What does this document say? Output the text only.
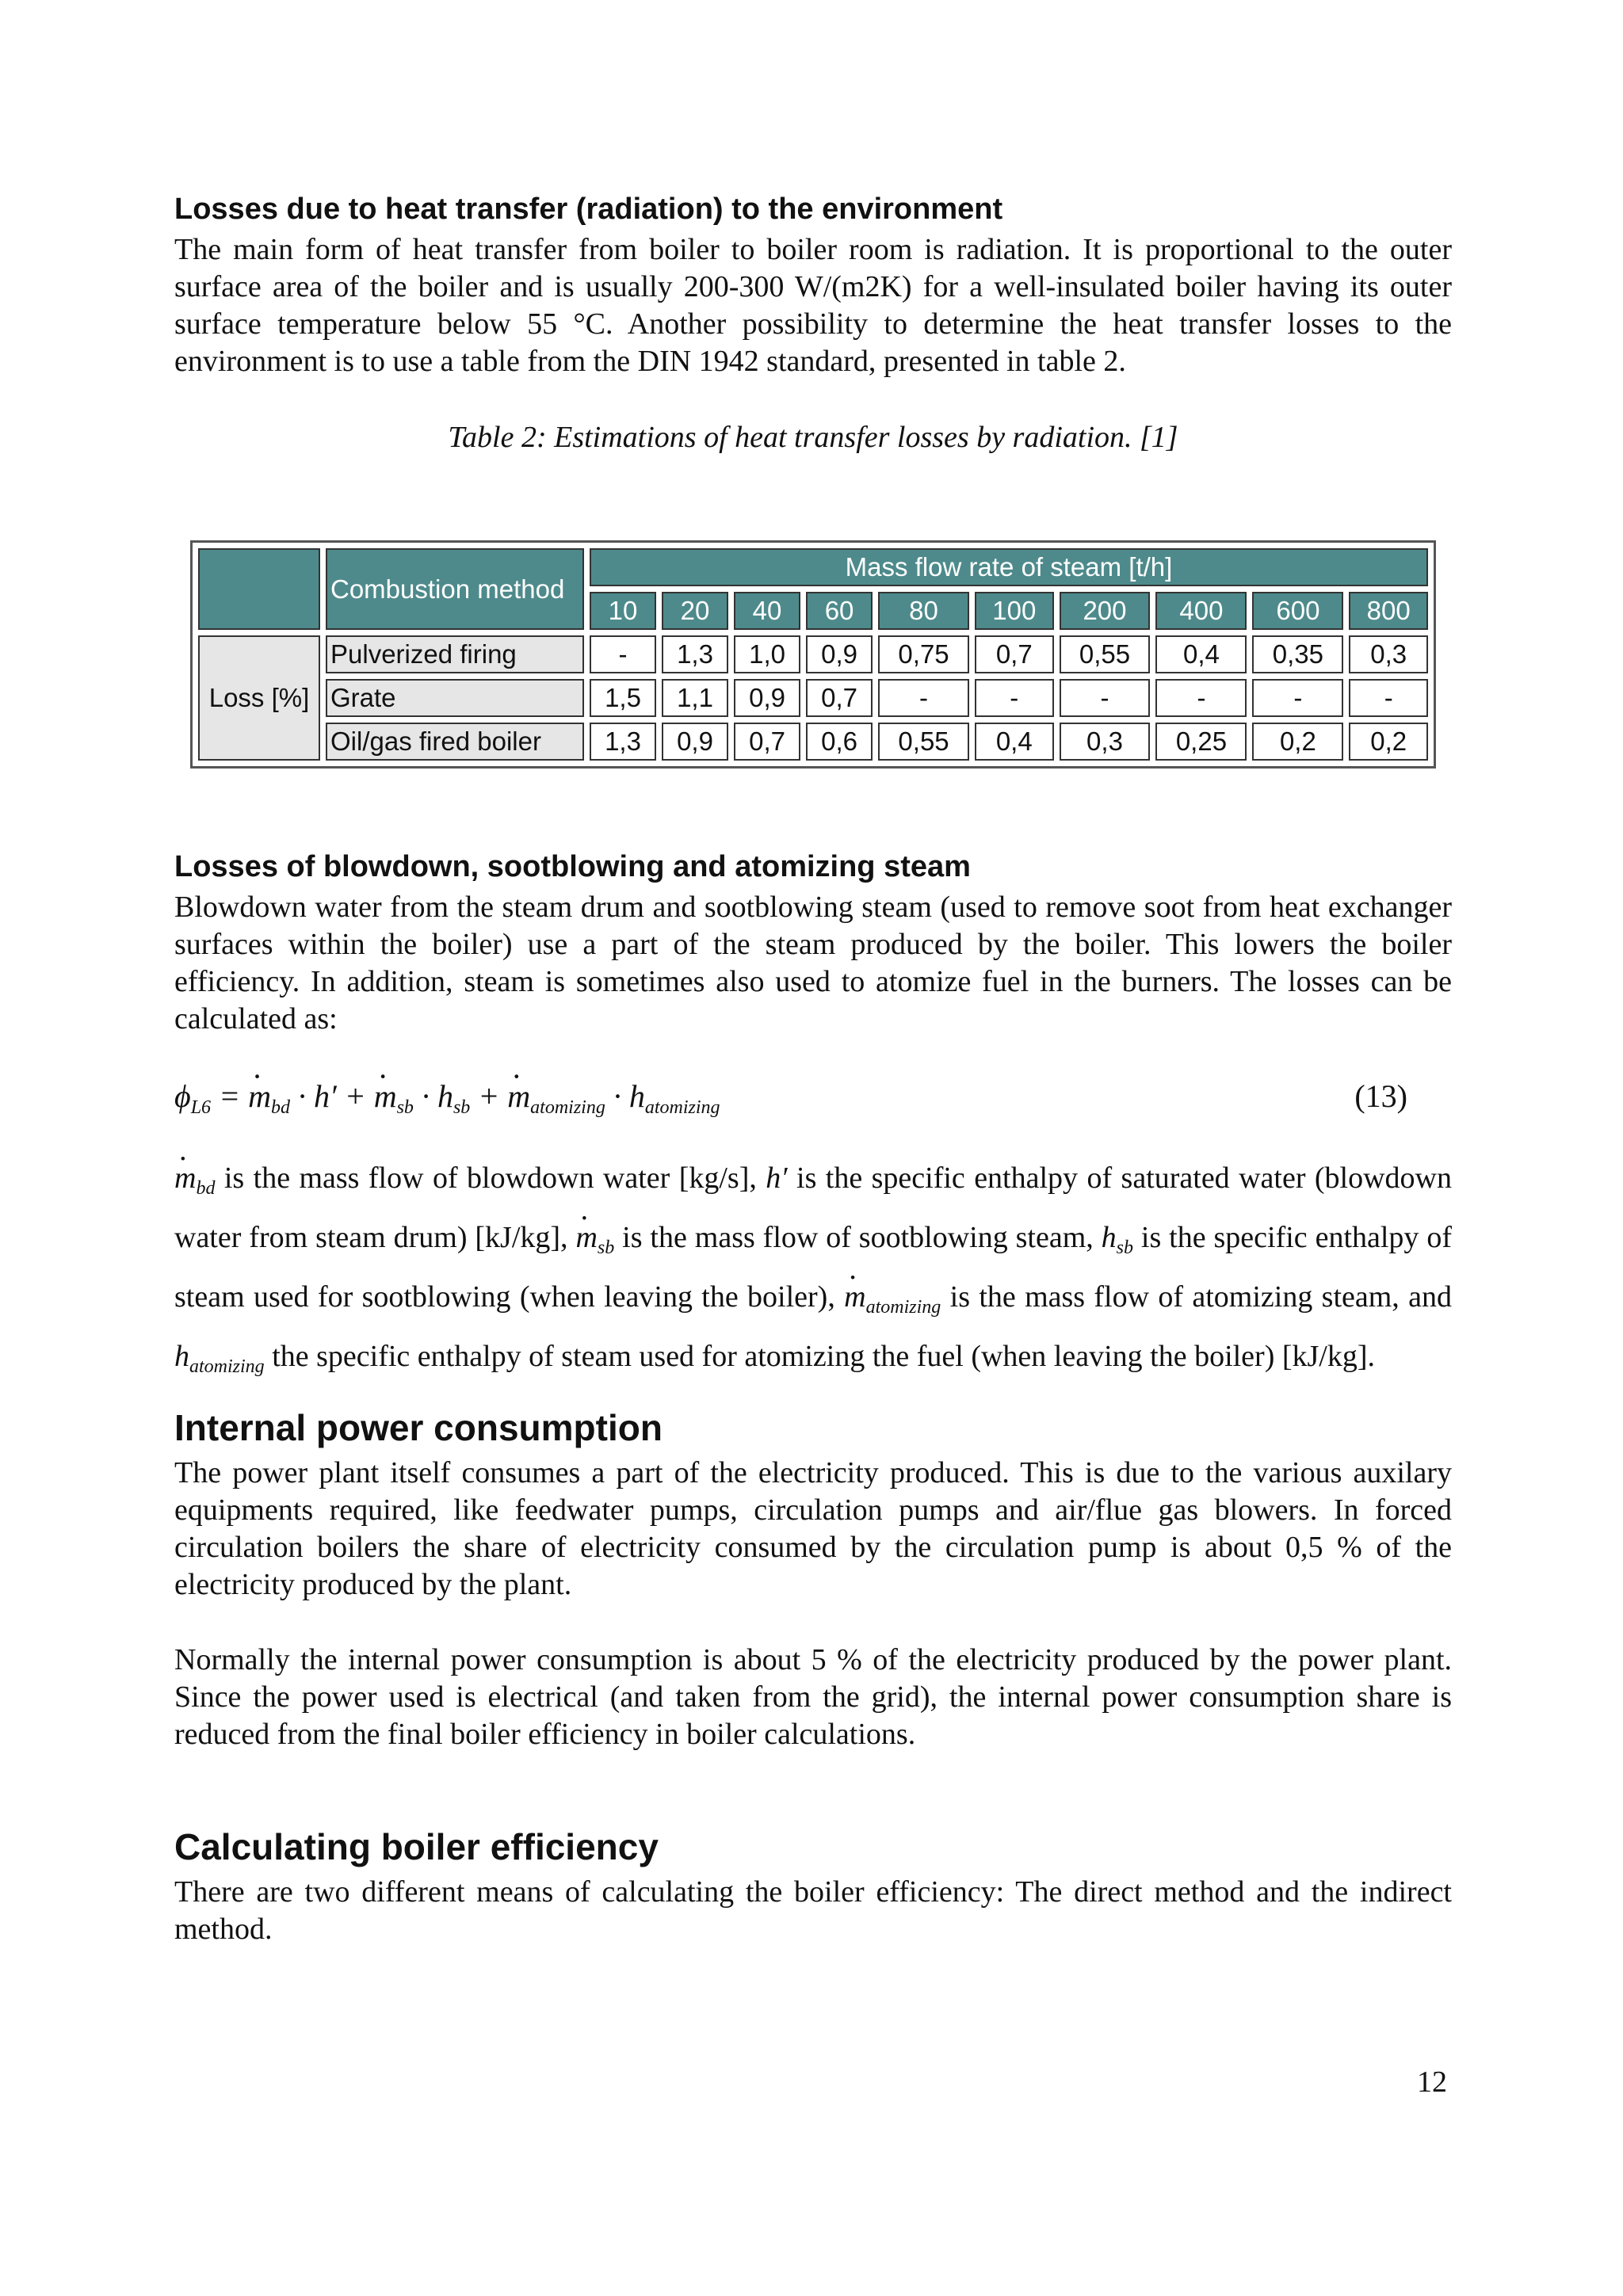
Losses due to heat transfer (radiation) to the environment

The main form of heat transfer from boiler to boiler room is radiation. It is proportional to the outer surface area of the boiler and is usually 200-300 W/(m2K) for a well-insulated boiler having its outer surface temperature below 55 °C. Another possibility to determine the heat transfer losses to the environment is to use a table from the DIN 1942 standard, presented in table 2.

Table 2: Estimations of heat transfer losses by radiation. [1]

	Combustion method	Mass flow rate of steam [t/h]									
		10	20	40	60	80	100	200	400	600	800
Loss [%]	Pulverized firing	-	1,3	1,0	0,9	0,75	0,7	0,55	0,4	0,35	0,3
	Grate	1,5	1,1	0,9	0,7	-	-	-	-	-	-
	Oil/gas fired boiler	1,3	0,9	0,7	0,6	0,55	0,4	0,3	0,25	0,2	0,2
Losses of blowdown, sootblowing and atomizing steam

Blowdown water from the steam drum and sootblowing steam (used to remove soot from heat exchanger surfaces within the boiler) use a part of the steam produced by the boiler. This lowers the boiler efficiency. In addition, steam is sometimes also used to atomize fuel in the burners. The losses can be calculated as:

$\phi_{L6}$ = · $m_{bd} \cdot h'$ + · $m_{sb} \cdot h_{sb}$ + · $m_{atomizing} \cdot h_{atomizing}$	(13)

· $m_{bd}$ is the mass flow of blowdown water [kg/s], h′ is the specific enthalpy of saturated water (blowdown water from steam drum) [kJ/kg], · $m_{sb}$ is the mass flow of sootblowing steam, $h_{sb}$ is the specific enthalpy of steam used for sootblowing (when leaving the boiler), · $m_{atomizing}$ is the mass flow of atomizing steam, and $h_{atomizing}$ the specific enthalpy of steam used for atomizing the fuel (when leaving the boiler) [kJ/kg].

Internal power consumption

The power plant itself consumes a part of the electricity produced. This is due to the various auxilary equipments required, like feedwater pumps, circulation pumps and air/flue gas blowers. In forced circulation boilers the share of electricity consumed by the circulation pump is about 0,5 % of the electricity produced by the plant.

Normally the internal power consumption is about 5 % of the electricity produced by the power plant. Since the power used is electrical (and taken from the grid), the internal power consumption share is reduced from the final boiler efficiency in boiler calculations.

Calculating boiler efficiency

There are two different means of calculating the boiler efficiency: The direct method and the indirect method.

12
